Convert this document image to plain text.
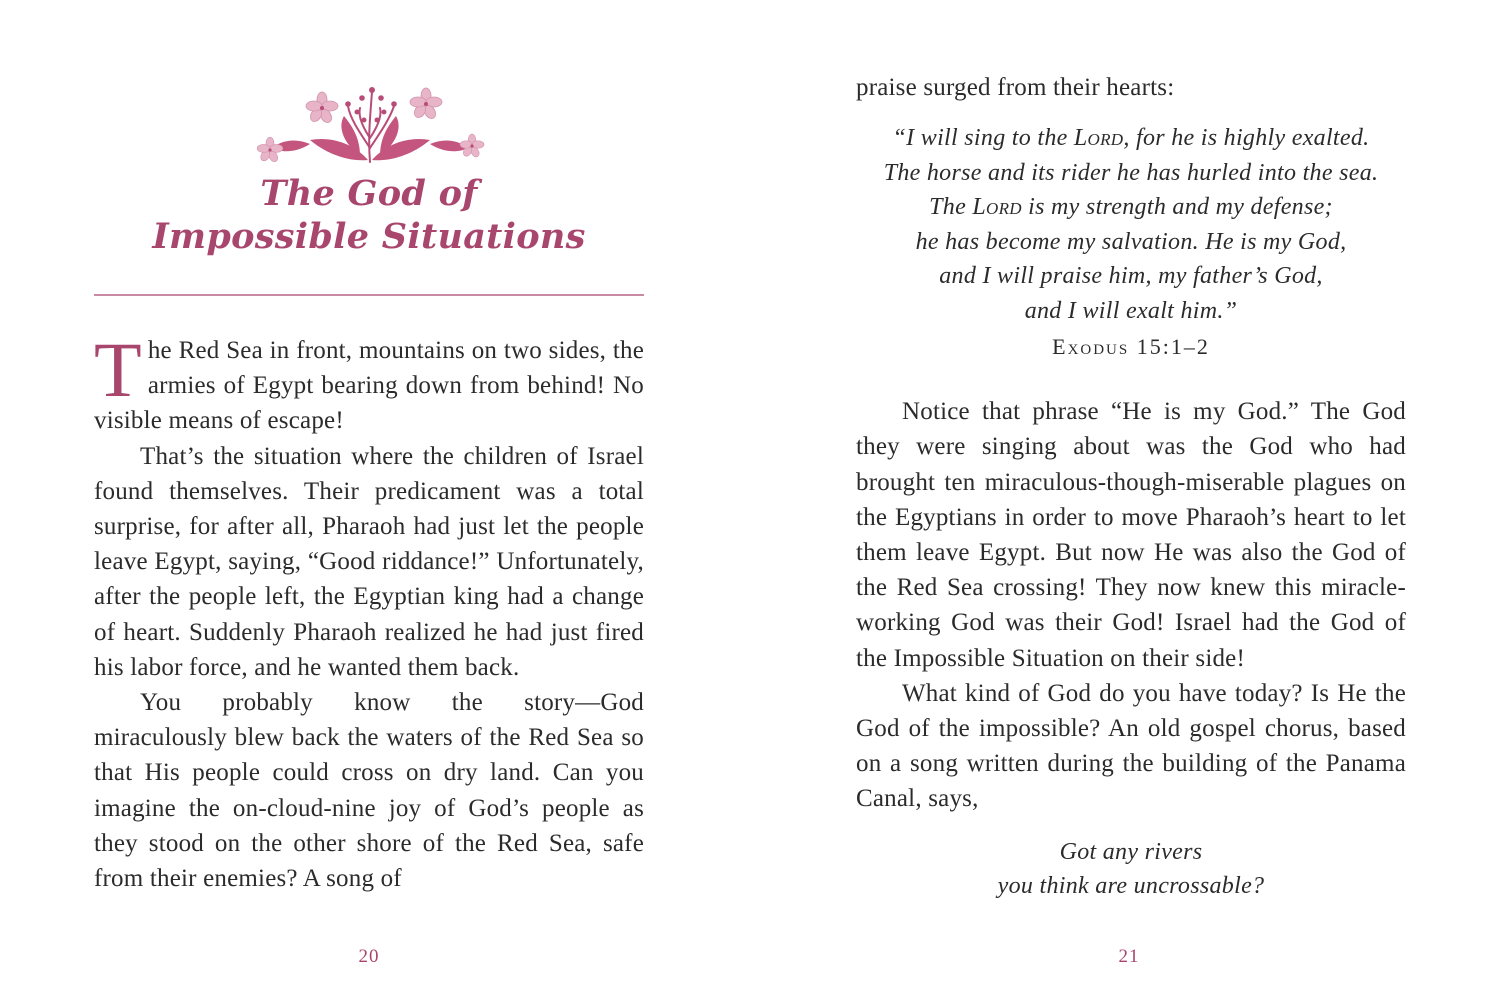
The God of
Impossible Situations

The Red Sea in front, mountains on two sides, the armies of Egypt bearing down from behind! No visible means of escape!

That’s the situation where the children of Israel found themselves. Their predicament was a total surprise, for after all, Pharaoh had just let the people leave Egypt, saying, “Good riddance!” Unfortunately, after the people left, the Egyptian king had a change of heart. Suddenly Pharaoh realized he had just fired his labor force, and he wanted them back.

You probably know the story—God miraculously blew back the waters of the Red Sea so that His people could cross on dry land. Can you imagine the on-cloud-nine joy of God’s people as they stood on the other shore of the Red Sea, safe from their enemies? A song of

20

praise surged from their hearts:

“I will sing to the Lord, for he is highly exalted.

The horse and its rider he has hurled into the sea.

The Lord is my strength and my defense;

he has become my salvation. He is my God,

and I will praise him, my father’s God,

and I will exalt him.”

Exodus 15:1–2

Notice that phrase “He is my God.” The God they were singing about was the God who had brought ten miraculous-though-miserable plagues on the Egyptians in order to move Pharaoh’s heart to let them leave Egypt. But now He was also the God of the Red Sea crossing! They now knew this miracle-working God was their God! Israel had the God of the Impossible Situation on their side!

What kind of God do you have today? Is He the God of the impossible? An old gospel chorus, based on a song written during the building of the Panama Canal, says,

Got any rivers

you think are uncrossable?

21
